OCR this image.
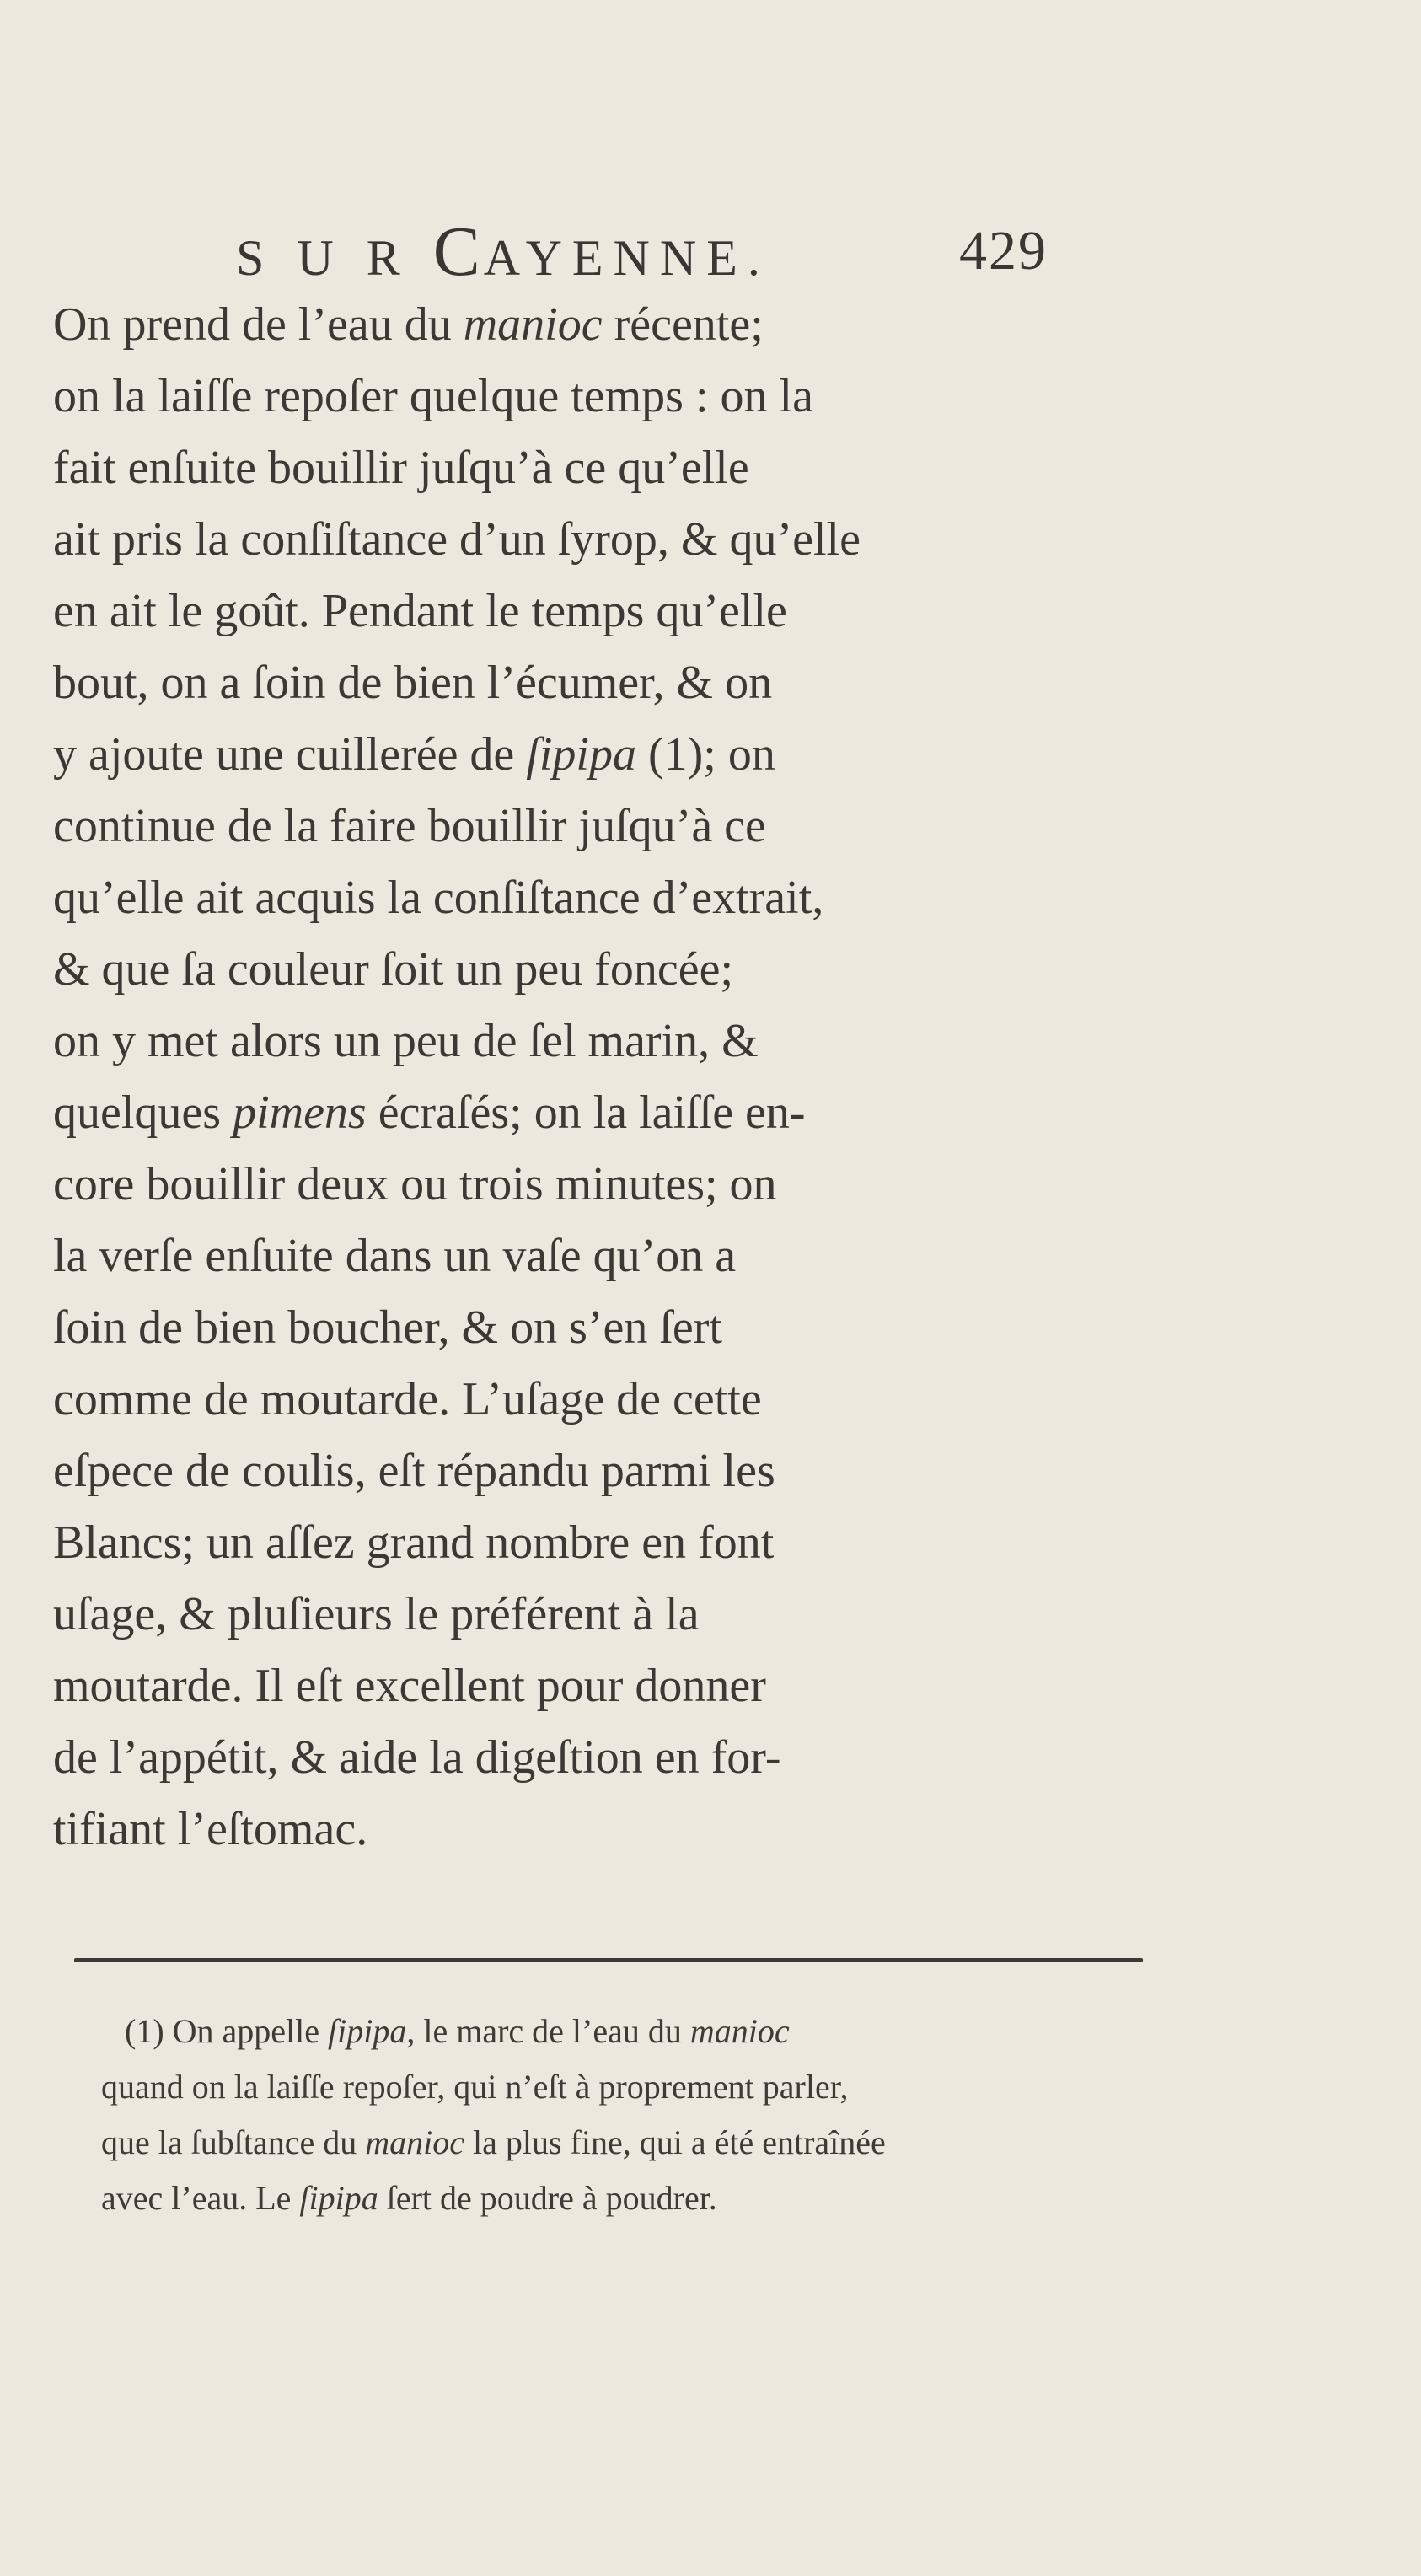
S U R CAYENNE.	429
On prend de l’eau du manioc récente;
on la laiſſe repoſer quelque temps : on la
fait enſuite bouillir juſqu’à ce qu’elle
ait pris la conſiſtance d’un ſyrop, & qu’elle
en ait le goût. Pendant le temps qu’elle
bout, on a ſoin de bien l’écumer, & on
y ajoute une cuillerée de ſipipa (1); on
continue de la faire bouillir juſqu’à ce
qu’elle ait acquis la conſiſtance d’extrait,
& que ſa couleur ſoit un peu foncée;
on y met alors un peu de ſel marin, &
quelques pimens écraſés; on la laiſſe en-
core bouillir deux ou trois minutes; on
la verſe enſuite dans un vaſe qu’on a
ſoin de bien boucher, & on s’en ſert
comme de moutarde. L’uſage de cette
eſpece de coulis, eſt répandu parmi les
Blancs; un aſſez grand nombre en font
uſage, & pluſieurs le préférent à la
moutarde. Il eſt excellent pour donner
de l’appétit, & aide la digeſtion en for-
tifiant l’eſtomac.
(1) On appelle ſipipa, le marc de l’eau du manioc
quand on la laiſſe repoſer, qui n’eſt à proprement parler,
que la ſubſtance du manioc la plus fine, qui a été entraînée
avec l’eau. Le ſipipa ſert de poudre à poudrer.
